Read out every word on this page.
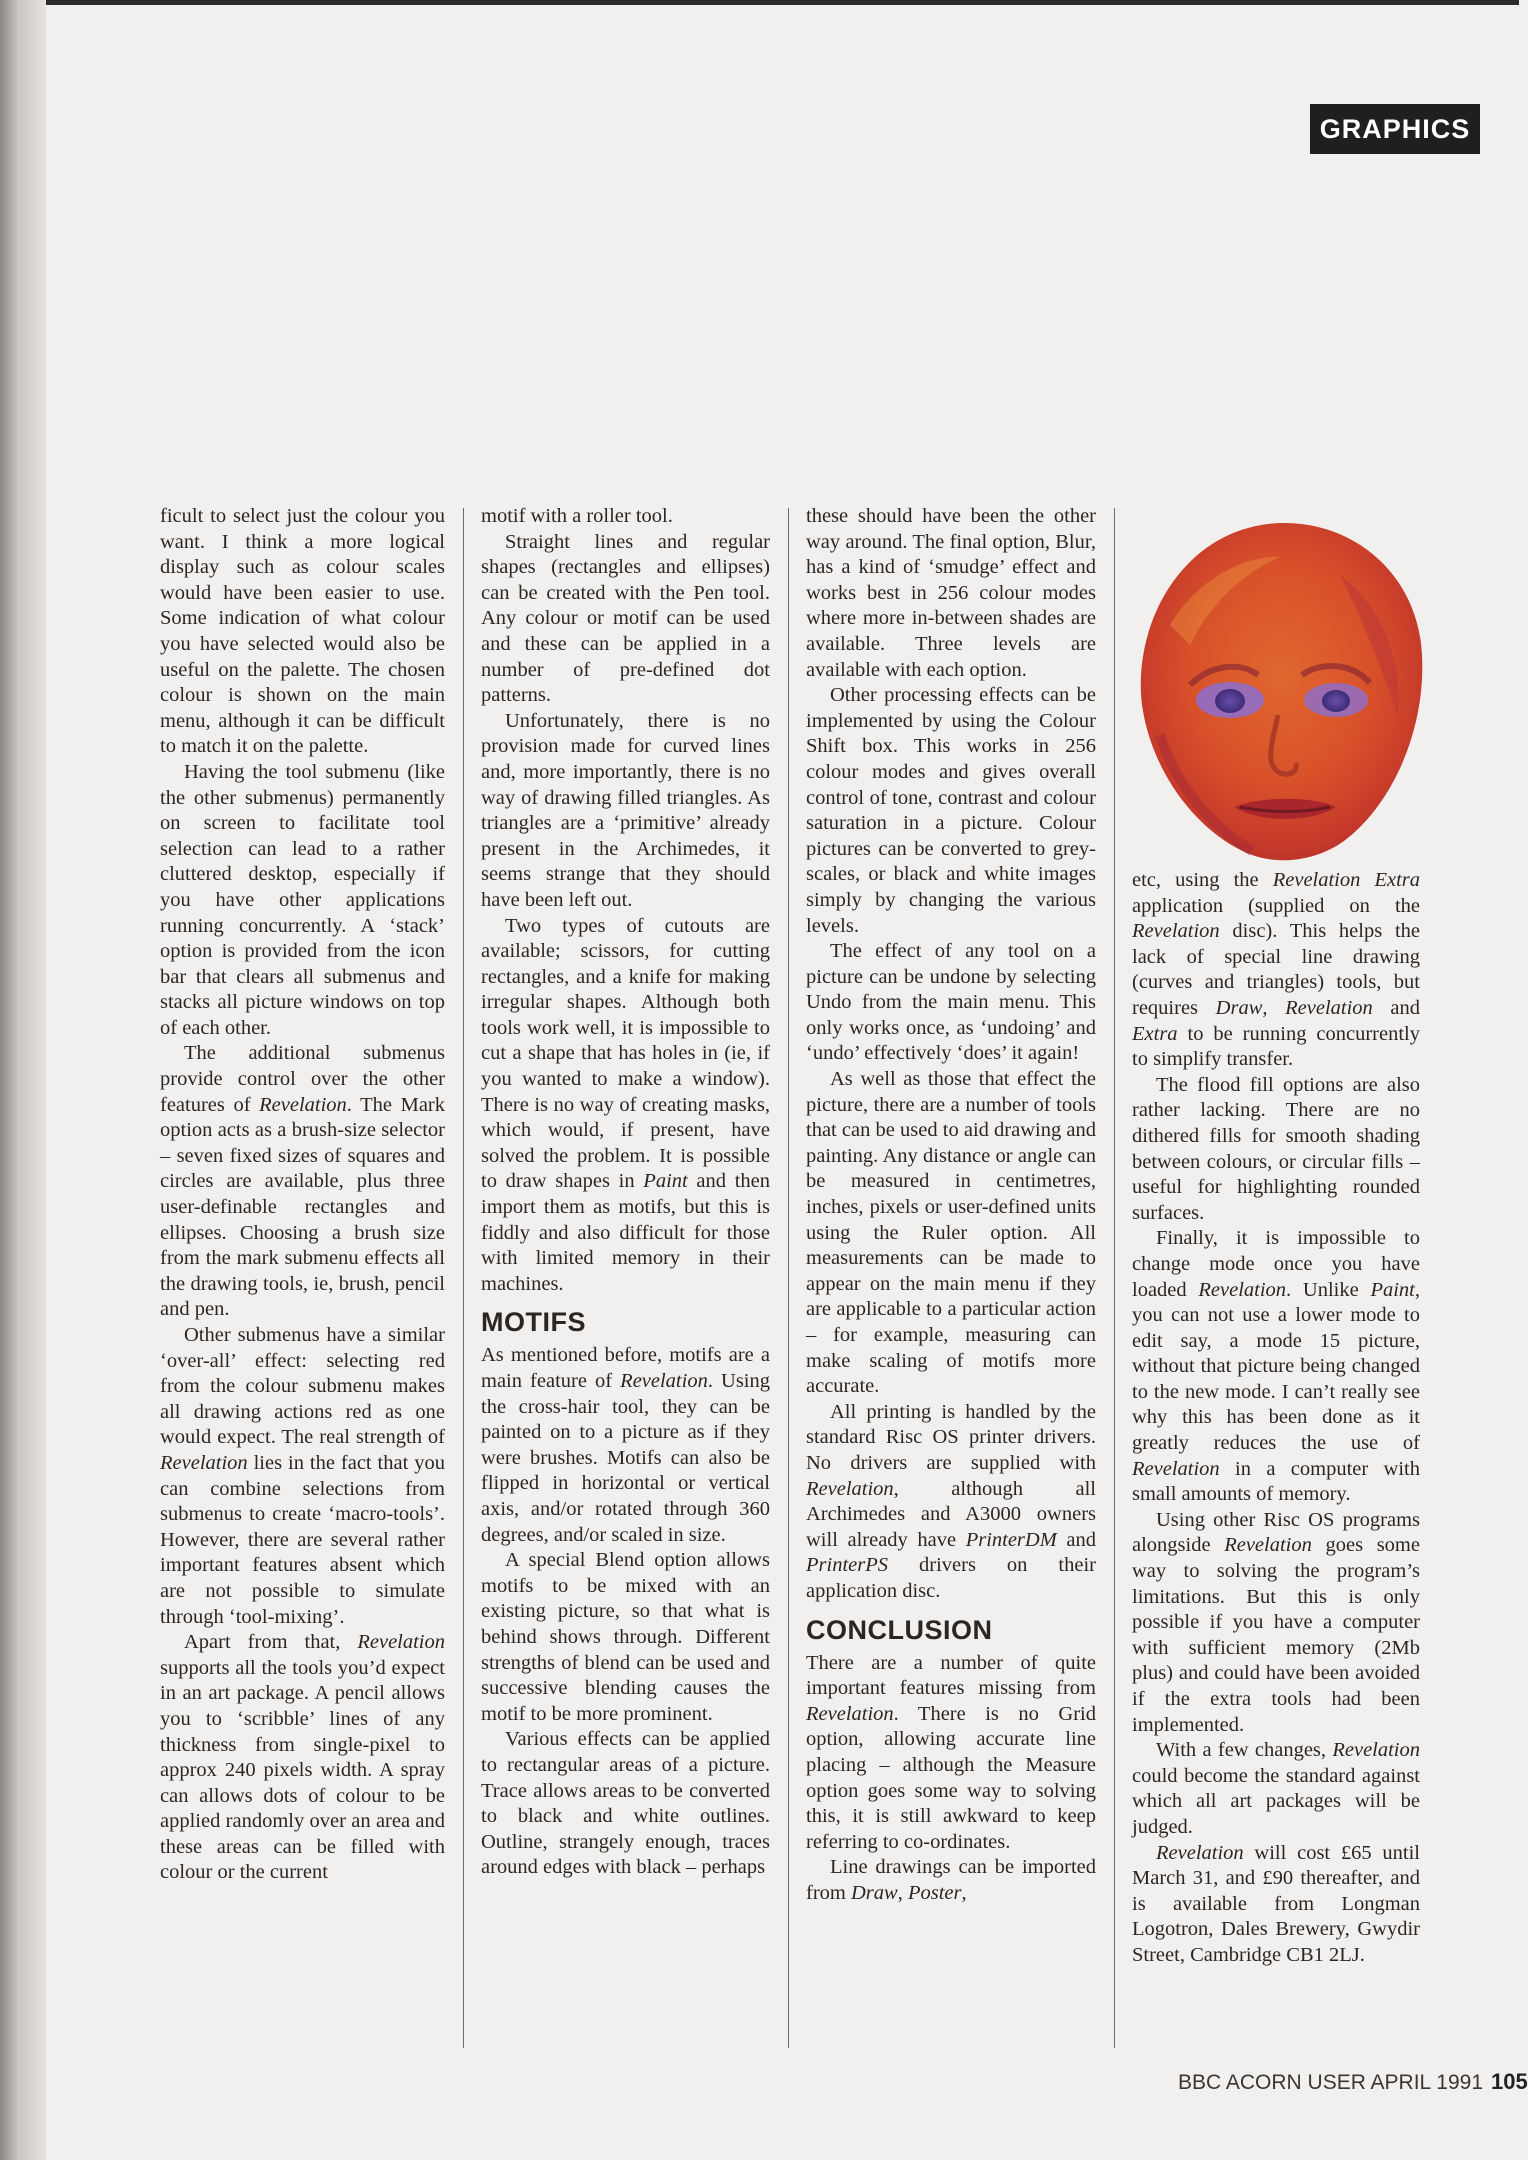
GRAPHICS

ficult to select just the colour you want. I think a more logical display such as colour scales would have been easier to use. Some indication of what colour you have selected would also be useful on the palette. The chosen colour is shown on the main menu, although it can be difficult to match it on the palette.

Having the tool submenu (like the other submenus) permanently on screen to facilitate tool selection can lead to a rather cluttered desktop, especially if you have other applications running concurrently. A ‘stack’ option is provided from the icon bar that clears all submenus and stacks all picture windows on top of each other.

The additional submenus provide control over the other features of Revelation. The Mark option acts as a brush-size selector – seven fixed sizes of squares and circles are available, plus three user-definable rectangles and ellipses. Choosing a brush size from the mark submenu effects all the drawing tools, ie, brush, pencil and pen.

Other submenus have a similar ‘over-all’ effect: selecting red from the colour submenu makes all drawing actions red as one would expect. The real strength of Revelation lies in the fact that you can combine selections from submenus to create ‘macro-tools’. However, there are several rather important features absent which are not possible to simulate through ‘tool-mixing’.

Apart from that, Revelation supports all the tools you’d expect in an art package. A pencil allows you to ‘scribble’ lines of any thickness from single-pixel to approx 240 pixels width. A spray can allows dots of colour to be applied randomly over an area and these areas can be filled with colour or the current

motif with a roller tool.

Straight lines and regular shapes (rectangles and ellipses) can be created with the Pen tool. Any colour or motif can be used and these can be applied in a number of pre-defined dot patterns.

Unfortunately, there is no provision made for curved lines and, more importantly, there is no way of drawing filled triangles. As triangles are a ‘primitive’ already present in the Archimedes, it seems strange that they should have been left out.

Two types of cutouts are available; scissors, for cutting rectangles, and a knife for making irregular shapes. Although both tools work well, it is impossible to cut a shape that has holes in (ie, if you wanted to make a window). There is no way of creating masks, which would, if present, have solved the problem. It is possible to draw shapes in Paint and then import them as motifs, but this is fiddly and also difficult for those with limited memory in their machines.

MOTIFS

As mentioned before, motifs are a main feature of Revelation. Using the cross-hair tool, they can be painted on to a picture as if they were brushes. Motifs can also be flipped in horizontal or vertical axis, and/or rotated through 360 degrees, and/or scaled in size.

A special Blend option allows motifs to be mixed with an existing picture, so that what is behind shows through. Different strengths of blend can be used and successive blending causes the motif to be more prominent.

Various effects can be applied to rectangular areas of a picture. Trace allows areas to be converted to black and white outlines. Outline, strangely enough, traces around edges with black – perhaps

these should have been the other way around. The final option, Blur, has a kind of ‘smudge’ effect and works best in 256 colour modes where more in-between shades are available. Three levels are available with each option.

Other processing effects can be implemented by using the Colour Shift box. This works in 256 colour modes and gives overall control of tone, contrast and colour saturation in a picture. Colour pictures can be converted to grey-scales, or black and white images simply by changing the various levels.

The effect of any tool on a picture can be undone by selecting Undo from the main menu. This only works once, as ‘undoing’ and ‘undo’ effectively ‘does’ it again!

As well as those that effect the picture, there are a number of tools that can be used to aid drawing and painting. Any distance or angle can be measured in centimetres, inches, pixels or user-defined units using the Ruler option. All measurements can be made to appear on the main menu if they are applicable to a particular action – for example, measuring can make scaling of motifs more accurate.

All printing is handled by the standard Risc OS printer drivers. No drivers are supplied with Revelation, although all Archimedes and A3000 owners will already have PrinterDM and PrinterPS drivers on their application disc.

CONCLUSION

There are a number of quite important features missing from Revelation. There is no Grid option, allowing accurate line placing – although the Measure option goes some way to solving this, it is still awkward to keep referring to co-ordinates.

Line drawings can be imported from Draw, Poster,

etc, using the Revelation Extra application (supplied on the Revelation disc). This helps the lack of special line drawing (curves and triangles) tools, but requires Draw, Revelation and Extra to be running concurrently to simplify transfer.

The flood fill options are also rather lacking. There are no dithered fills for smooth shading between colours, or circular fills – useful for highlighting rounded surfaces.

Finally, it is impossible to change mode once you have loaded Revelation. Unlike Paint, you can not use a lower mode to edit say, a mode 15 picture, without that picture being changed to the new mode. I can’t really see why this has been done as it greatly reduces the use of Revelation in a computer with small amounts of memory.

Using other Risc OS programs alongside Revelation goes some way to solving the program’s limitations. But this is only possible if you have a computer with sufficient memory (2Mb plus) and could have been avoided if the extra tools had been implemented.

With a few changes, Revelation could become the standard against which all art packages will be judged.

Revelation will cost £65 until March 31, and £90 thereafter, and is available from Longman Logotron, Dales Brewery, Gwydir Street, Cambridge CB1 2LJ.

BBC ACORN USER APRIL 1991 105
